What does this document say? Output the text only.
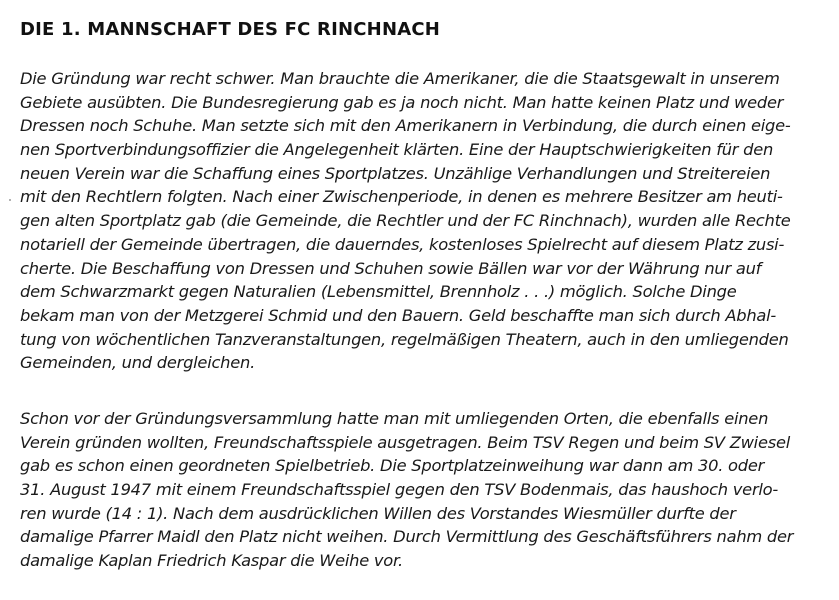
DIE 1. MANNSCHAFT DES FC RINCHNACH
Die Gründung war recht schwer. Man brauchte die Amerikaner, die die Staatsgewalt in unserem
Gebiete ausübten. Die Bundesregierung gab es ja noch nicht. Man hatte keinen Platz und weder
Dressen noch Schuhe. Man setzte sich mit den Amerikanern in Verbindung, die durch einen eige-
nen Sportverbindungsoffizier die Angelegenheit klärten. Eine der Hauptschwierigkeiten für den
neuen Verein war die Schaffung eines Sportplatzes. Unzählige Verhandlungen und Streitereien
mit den Rechtlern folgten. Nach einer Zwischenperiode, in denen es mehrere Besitzer am heuti-
gen alten Sportplatz gab (die Gemeinde, die Rechtler und der FC Rinchnach), wurden alle Rechte
notariell der Gemeinde übertragen, die dauerndes, kostenloses Spielrecht auf diesem Platz zusi-
cherte. Die Beschaffung von Dressen und Schuhen sowie Bällen war vor der Währung nur auf
dem Schwarzmarkt gegen Naturalien (Lebensmittel, Brennholz . . .) möglich. Solche Dinge
bekam man von der Metzgerei Schmid und den Bauern. Geld beschaffte man sich durch Abhal-
tung von wöchentlichen Tanzveranstaltungen, regelmäßigen Theatern, auch in den umliegenden
Gemeinden, und dergleichen.
Schon vor der Gründungsversammlung hatte man mit umliegenden Orten, die ebenfalls einen
Verein gründen wollten, Freundschaftsspiele ausgetragen. Beim TSV Regen und beim SV Zwiesel
gab es schon einen geordneten Spielbetrieb. Die Sportplatzeinweihung war dann am 30. oder
31. August 1947 mit einem Freundschaftsspiel gegen den TSV Bodenmais, das haushoch verlo-
ren wurde (14 : 1). Nach dem ausdrücklichen Willen des Vorstandes Wiesmüller durfte der
damalige Pfarrer Maidl den Platz nicht weihen. Durch Vermittlung des Geschäftsführers nahm der
damalige Kaplan Friedrich Kaspar die Weihe vor.
